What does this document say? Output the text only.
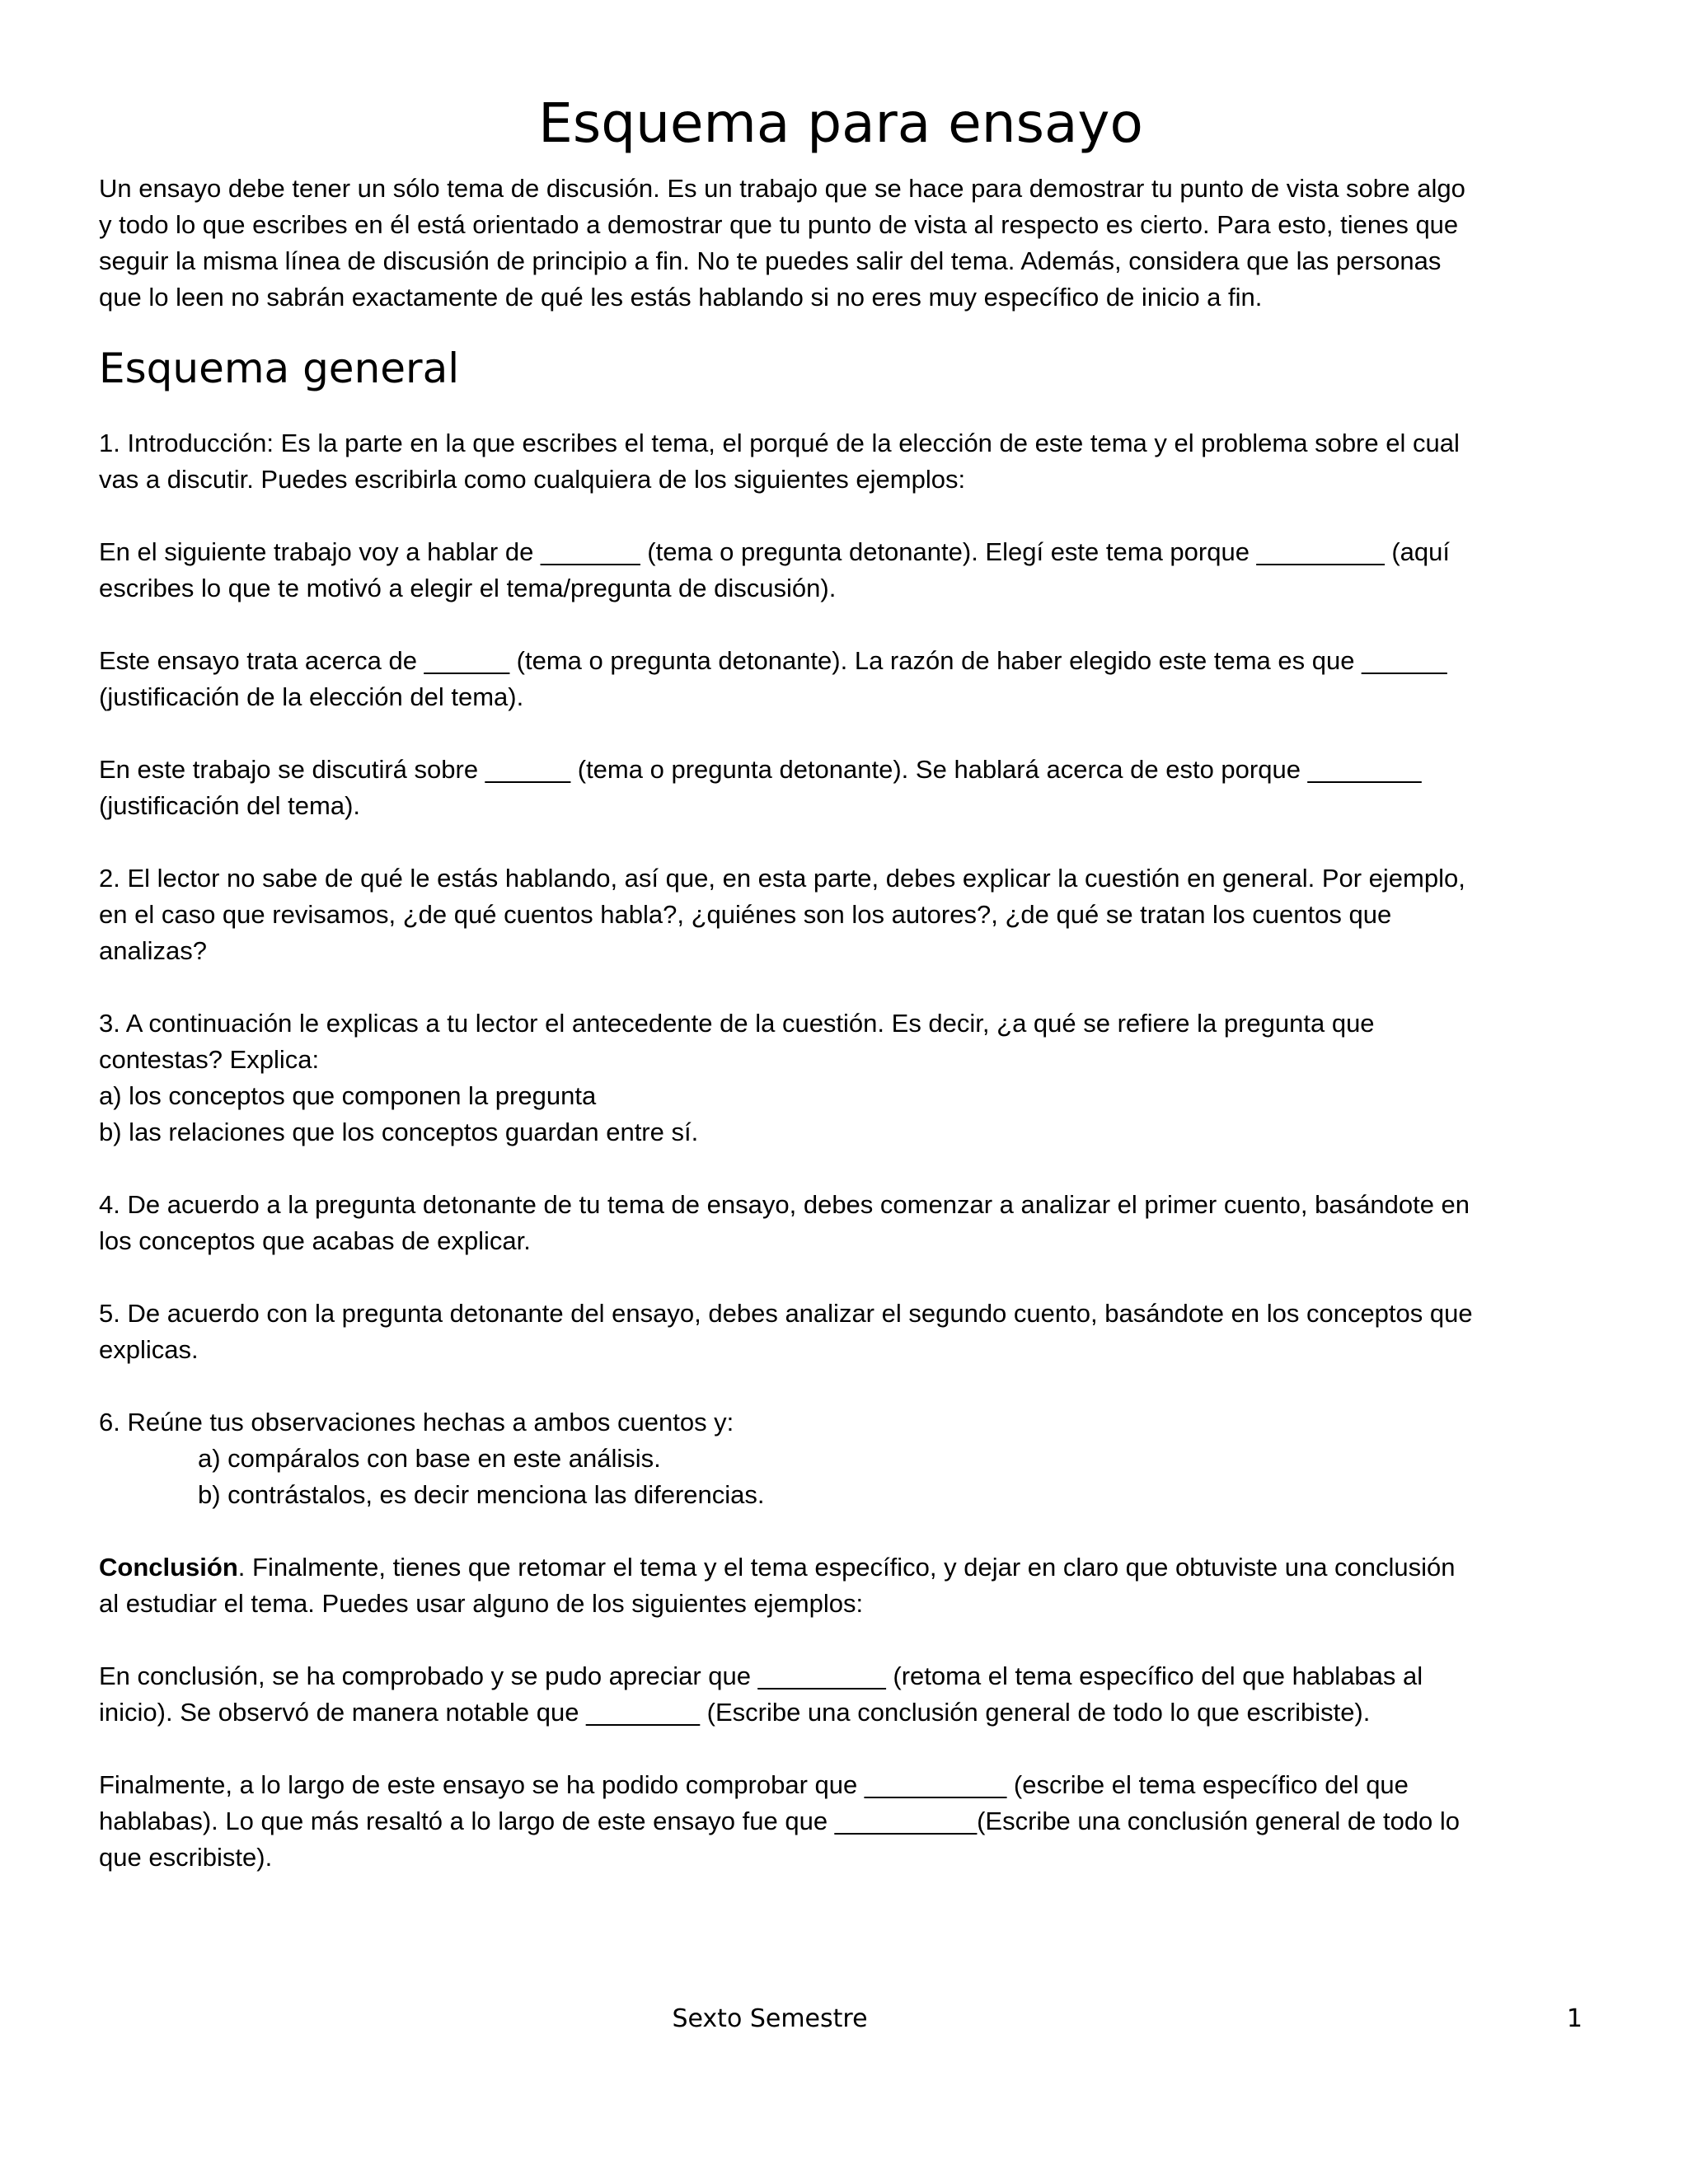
Esquema para ensayo

Un ensayo debe tener un sólo tema de discusión. Es un trabajo que se hace para demostrar tu punto de vista sobre algo
y todo lo que escribes en él está orientado a demostrar que tu punto de vista al respecto es cierto. Para esto, tienes que
seguir la misma línea de discusión de principio a fin. No te puedes salir del tema. Además, considera que las personas
que lo leen no sabrán exactamente de qué les estás hablando si no eres muy específico de inicio a fin.

Esquema general

1. Introducción: Es la parte en la que escribes el tema, el porqué de la elección de este tema y el problema sobre el cual
vas a discutir. Puedes escribirla como cualquiera de los siguientes ejemplos:

En el siguiente trabajo voy a hablar de _______ (tema o pregunta detonante). Elegí este tema porque _________ (aquí
escribes lo que te motivó a elegir el tema/pregunta de discusión).

Este ensayo trata acerca de ______ (tema o pregunta detonante). La razón de haber elegido este tema es que ______
(justificación de la elección del tema).

En este trabajo se discutirá sobre ______ (tema o pregunta detonante). Se hablará acerca de esto porque ________
(justificación del tema).

2. El lector no sabe de qué le estás hablando, así que, en esta parte, debes explicar la cuestión en general. Por ejemplo,
en el caso que revisamos, ¿de qué cuentos habla?, ¿quiénes son los autores?, ¿de qué se tratan los cuentos que
analizas?

3. A continuación le explicas a tu lector el antecedente de la cuestión. Es decir, ¿a qué se refiere la pregunta que
contestas? Explica:
a) los conceptos que componen la pregunta
b) las relaciones que los conceptos guardan entre sí.

4. De acuerdo a la pregunta detonante de tu tema de ensayo, debes comenzar a analizar el primer cuento, basándote en
los conceptos que acabas de explicar.

5. De acuerdo con la pregunta detonante del ensayo, debes analizar el segundo cuento, basándote en los conceptos que
explicas.

6. Reúne tus observaciones hechas a ambos cuentos y:
a) compáralos con base en este análisis.
b) contrástalos, es decir menciona las diferencias.

Conclusión. Finalmente, tienes que retomar el tema y el tema específico, y dejar en claro que obtuviste una conclusión
al estudiar el tema. Puedes usar alguno de los siguientes ejemplos:

En conclusión, se ha comprobado y se pudo apreciar que _________ (retoma el tema específico del que hablabas al
inicio). Se observó de manera notable que ________ (Escribe una conclusión general de todo lo que escribiste).

Finalmente, a lo largo de este ensayo se ha podido comprobar que __________ (escribe el tema específico del que
hablabas). Lo que más resaltó a lo largo de este ensayo fue que __________(Escribe una conclusión general de todo lo
que escribiste).

Sexto Semestre	1
